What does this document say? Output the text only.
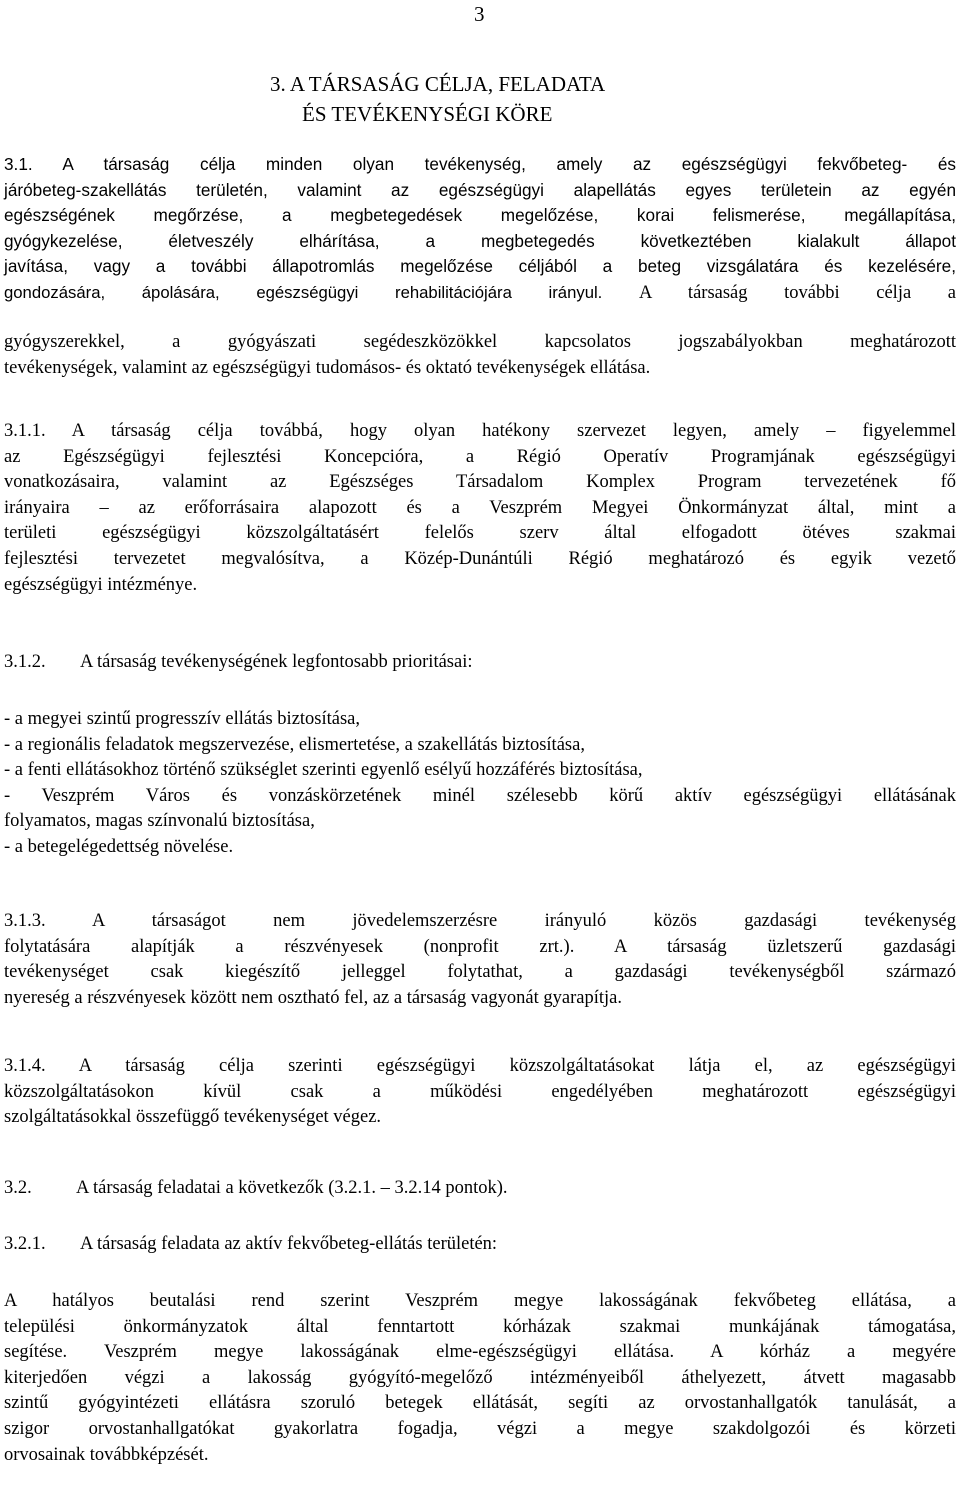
3
3. A TÁRSASÁG CÉLJA, FELADATA
ÉS TEVÉKENYSÉGI KÖRE
3.1. A társaság célja minden olyan tevékenység, amely az egészségügyi fekvőbeteg- és
járóbeteg-szakellátás területén, valamint az egészségügyi alapellátás egyes területein az egyén
egészségének megőrzése, a megbetegedések megelőzése, korai felismerése, megállapítása,
gyógykezelése, életveszély elhárítása, a megbetegedés következtében kialakult állapot
javítása, vagy a további állapotromlás megelőzése céljából a beteg vizsgálatára és kezelésére,
gondozására, ápolására, egészségügyi rehabilitációjára irányul. A társaság további célja a
gyógyszerekkel, a gyógyászati segédeszközökkel kapcsolatos jogszabályokban meghatározott
tevékenységek, valamint az egészségügyi tudomásos- és oktató tevékenységek ellátása.
3.1.1. A társaság célja továbbá, hogy olyan hatékony szervezet legyen, amely – figyelemmel
az Egészségügyi fejlesztési Koncepcióra, a Régió Operatív Programjának egészségügyi
vonatkozásaira, valamint az Egészséges Társadalom Komplex Program tervezetének fő
irányaira – az erőforrásaira alapozott és a Veszprém Megyei Önkormányzat által, mint a
területi egészségügyi közszolgáltatásért felelős szerv által elfogadott ötéves szakmai
fejlesztési tervezetet megvalósítva, a Közép-Dunántúli Régió meghatározó és egyik vezető
egészségügyi intézménye.
3.1.2. A társaság tevékenységének legfontosabb prioritásai:
- a megyei szintű progresszív ellátás biztosítása,
- a regionális feladatok megszervezése, elismertetése, a szakellátás biztosítása,
- a fenti ellátásokhoz történő szükséglet szerinti egyenlő esélyű hozzáférés biztosítása,
- Veszprém Város és vonzáskörzetének minél szélesebb körű aktív egészségügyi ellátásának
folyamatos, magas színvonalú biztosítása,
- a betegelégedettség növelése.
3.1.3. A társaságot nem jövedelemszerzésre irányuló közös gazdasági tevékenység
folytatására alapítják a részvényesek (nonprofit zrt.). A társaság üzletszerű gazdasági
tevékenységet csak kiegészítő jelleggel folytathat, a gazdasági tevékenységből származó
nyereség a részvényesek között nem osztható fel, az a társaság vagyonát gyarapítja.
3.1.4. A társaság célja szerinti egészségügyi közszolgáltatásokat látja el, az egészségügyi
közszolgáltatásokon kívül csak a működési engedélyében meghatározott egészségügyi
szolgáltatásokkal összefüggő tevékenységet végez.
3.2. A társaság feladatai a következők (3.2.1. – 3.2.14 pontok).
3.2.1. A társaság feladata az aktív fekvőbeteg-ellátás területén:
A hatályos beutalási rend szerint Veszprém megye lakosságának fekvőbeteg ellátása, a
települési önkormányzatok által fenntartott kórházak szakmai munkájának támogatása,
segítése. Veszprém megye lakosságának elme-egészségügyi ellátása. A kórház a megyére
kiterjedően végzi a lakosság gyógyító-megelőző intézményeiből áthelyezett, átvett magasabb
szintű gyógyintézeti ellátásra szoruló betegek ellátását, segíti az orvostanhallgatók tanulását, a
szigor orvostanhallgatókat gyakorlatra fogadja, végzi a megye szakdolgozói és körzeti
orvosainak továbbképzését.
